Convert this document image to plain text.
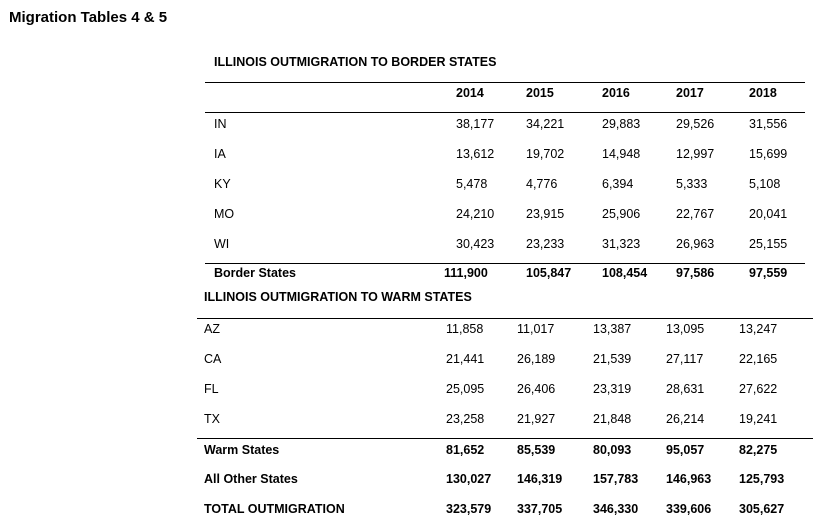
Migration Tables 4 & 5
ILLINOIS OUTMIGRATION TO BORDER STATES
2014	2015	2016	2017	2018
IN	38,177	34,221	29,883	29,526	31,556
IA	13,612	19,702	14,948	12,997	15,699
KY	5,478	4,776	6,394	5,333	5,108
MO	24,210	23,915	25,906	22,767	20,041
WI	30,423	23,233	31,323	26,963	25,155
Border States	111,900	105,847 108,454 97,586	97,559
ILLINOIS OUTMIGRATION TO WARM STATES
AZ	11,858	11,017	13,387	13,095	13,247
CA	21,441	26,189	21,539	27,117	22,165
FL	25,095	26,406	23,319	28,631	27,622
TX	23,258	21,927	21,848	26,214	19,241
Warm States	81,652	85,539	80,093	95,057	82,275
All Other States	130,027 146,319 157,783 146,963 125,793
TOTAL OUTMIGRATION	323,579 337,705 346,330 339,606 305,627
